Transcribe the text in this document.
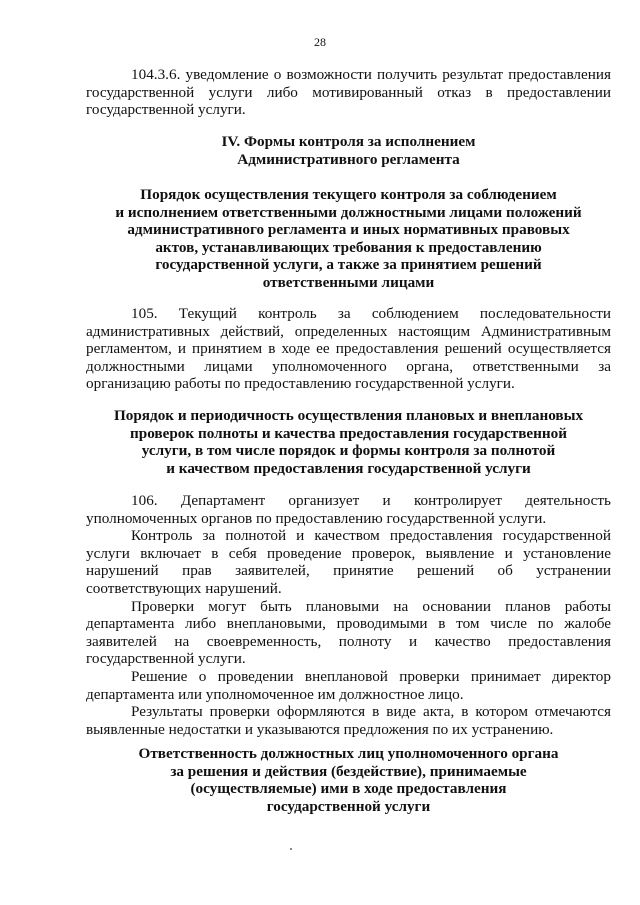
28

104.3.6. уведомление о возможности получить результат предоставления государственной услуги либо мотивированный отказ в предоставлении государственной услуги.

IV. Формы контроля за исполнением
Административного регламента
Порядок осуществления текущего контроля за соблюдением
и исполнением ответственными должностными лицами положений
административного регламента и иных нормативных правовых
актов, устанавливающих требования к предоставлению
государственной услуги, а также за принятием решений
ответственными лицами

105. Текущий контроль за соблюдением последовательности административных действий, определенных настоящим Административным регламентом, и принятием в ходе ее предоставления решений осуществляется должностными лицами уполномоченного органа, ответственными за организацию работы по предоставлению государственной услуги.

Порядок и периодичность осуществления плановых и внеплановых
проверок полноты и качества предоставления государственной
услуги, в том числе порядок и формы контроля за полнотой
и качеством предоставления государственной услуги

106. Департамент организует и контролирует деятельность уполномоченных органов по предоставлению государственной услуги.

Контроль за полнотой и качеством предоставления государственной услуги включает в себя проведение проверок, выявление и установление нарушений прав заявителей, принятие решений об устранении соответствующих нарушений.

Проверки могут быть плановыми на основании планов работы департамента либо внеплановыми, проводимыми в том числе по жалобе заявителей на своевременность, полноту и качество предоставления государственной услуги.

Решение о проведении внеплановой проверки принимает директор департамента или уполномоченное им должностное лицо.

Результаты проверки оформляются в виде акта, в котором отмечаются выявленные недостатки и указываются предложения по их устранению.

Ответственность должностных лиц уполномоченного органа
за решения и действия (бездействие), принимаемые
(осуществляемые) ими в ходе предоставления
государственной услуги
